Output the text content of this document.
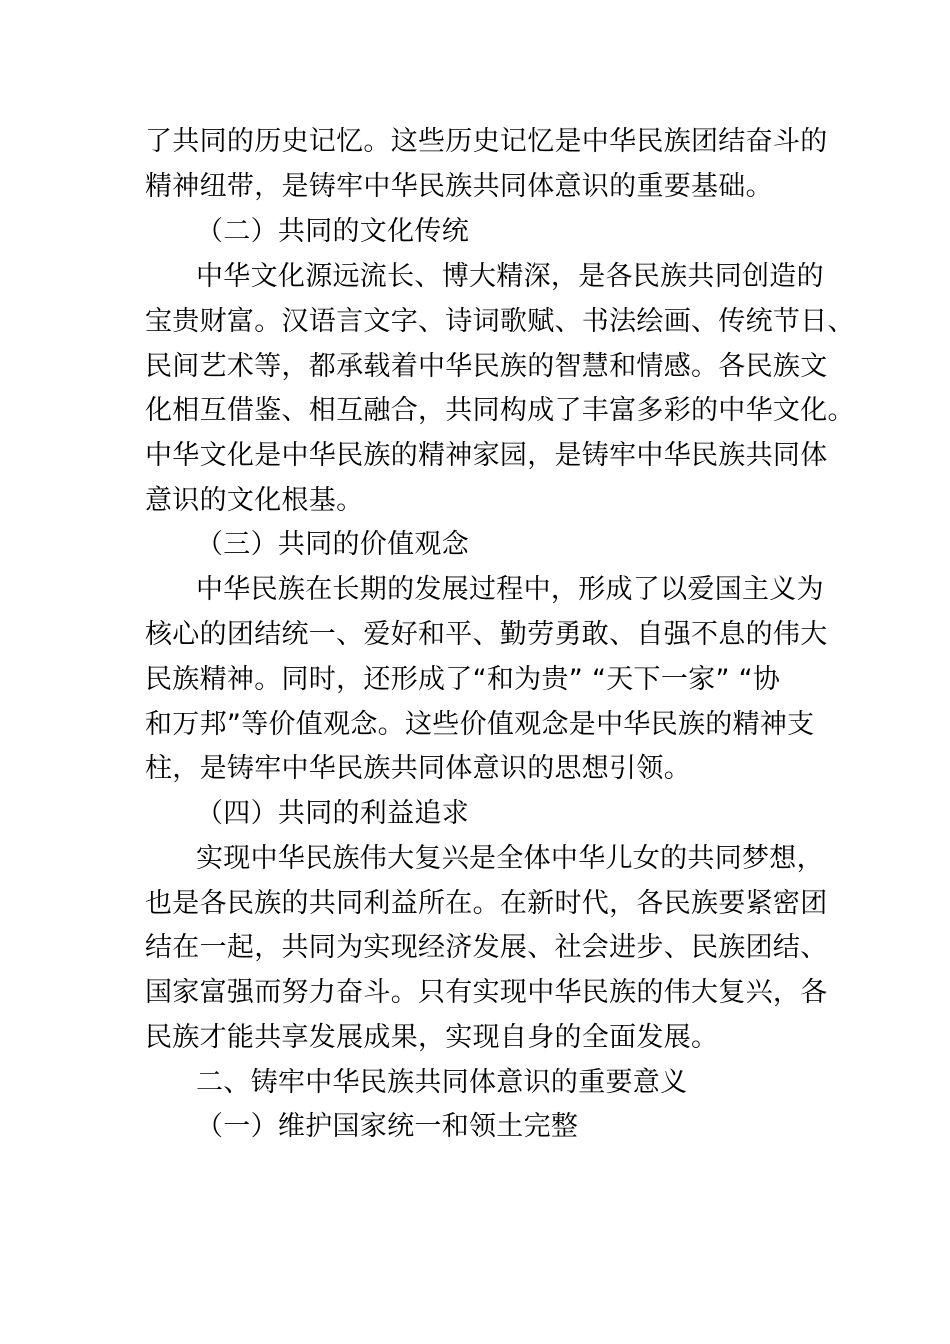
了共同的历史记忆。这些历史记忆是中华民族团结奋斗的
精神纽带，是铸牢中华民族共同体意识的重要基础。
（二）共同的文化传统
中华文化源远流长、博大精深，是各民族共同创造的
宝贵财富。汉语言文字、诗词歌赋、书法绘画、传统节日、
民间艺术等，都承载着中华民族的智慧和情感。各民族文
化相互借鉴、相互融合，共同构成了丰富多彩的中华文化。
中华文化是中华民族的精神家园，是铸牢中华民族共同体
意识的文化根基。
（三）共同的价值观念
中华民族在长期的发展过程中，形成了以爱国主义为
核心的团结统一、爱好和平、勤劳勇敢、自强不息的伟大
民族精神。同时，还形成了“和为贵” “天下一家” “协
和万邦”等价值观念。这些价值观念是中华民族的精神支
柱，是铸牢中华民族共同体意识的思想引领。
（四）共同的利益追求
实现中华民族伟大复兴是全体中华儿女的共同梦想，
也是各民族的共同利益所在。在新时代，各民族要紧密团
结在一起，共同为实现经济发展、社会进步、民族团结、
国家富强而努力奋斗。只有实现中华民族的伟大复兴，各
民族才能共享发展成果，实现自身的全面发展。
二、铸牢中华民族共同体意识的重要意义
（一）维护国家统一和领土完整
